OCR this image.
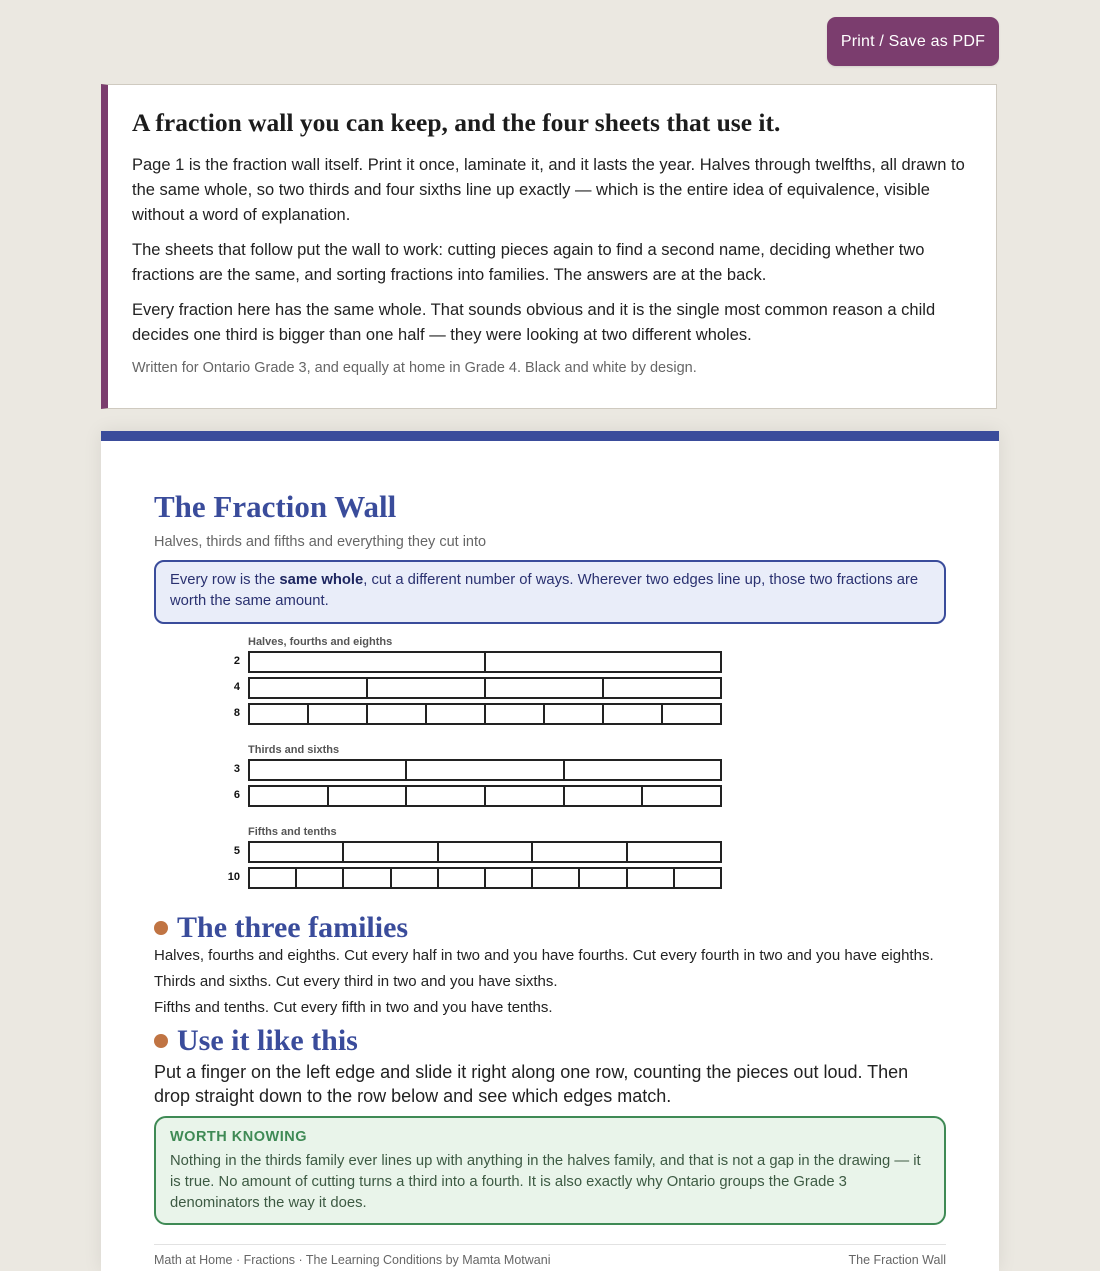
Print / Save as PDF
A fraction wall you can keep, and the four sheets that use it.

Page 1 is the fraction wall itself. Print it once, laminate it, and it lasts the year. Halves through twelfths, all drawn to the same whole, so two thirds and four sixths line up exactly — which is the entire idea of equivalence, visible without a word of explanation.

The sheets that follow put the wall to work: cutting pieces again to find a second name, deciding whether two fractions are the same, and sorting fractions into families. The answers are at the back.

Every fraction here has the same whole. That sounds obvious and it is the single most common reason a child decides one third is bigger than one half — they were looking at two different wholes.

Written for Ontario Grade 3, and equally at home in Grade 4. Black and white by design.

The Fraction Wall

Halves, thirds and fifths and everything they cut into

Every row is the same whole, cut a different number of ways. Wherever two edges line up, those two fractions are worth the same amount.
Halves, fourths and eighths
2
4
8
Thirds and sixths
3
6
Fifths and tenths
5
10
The three families
Halves, fourths and eighths. Cut every half in two and you have fourths. Cut every fourth in two and you have eighths.
Thirds and sixths. Cut every third in two and you have sixths.
Fifths and tenths. Cut every fifth in two and you have tenths.
Use it like this

Put a finger on the left edge and slide it right along one row, counting the pieces out loud. Then drop straight down to the row below and see which edges match.

WORTH KNOWING
Nothing in the thirds family ever lines up with anything in the halves family, and that is not a gap in the drawing — it is true. No amount of cutting turns a third into a fourth. It is also exactly why Ontario groups the Grade 3 denominators the way it does.
Math at Home · Fractions · The Learning Conditions by Mamta Motwani	The Fraction Wall
